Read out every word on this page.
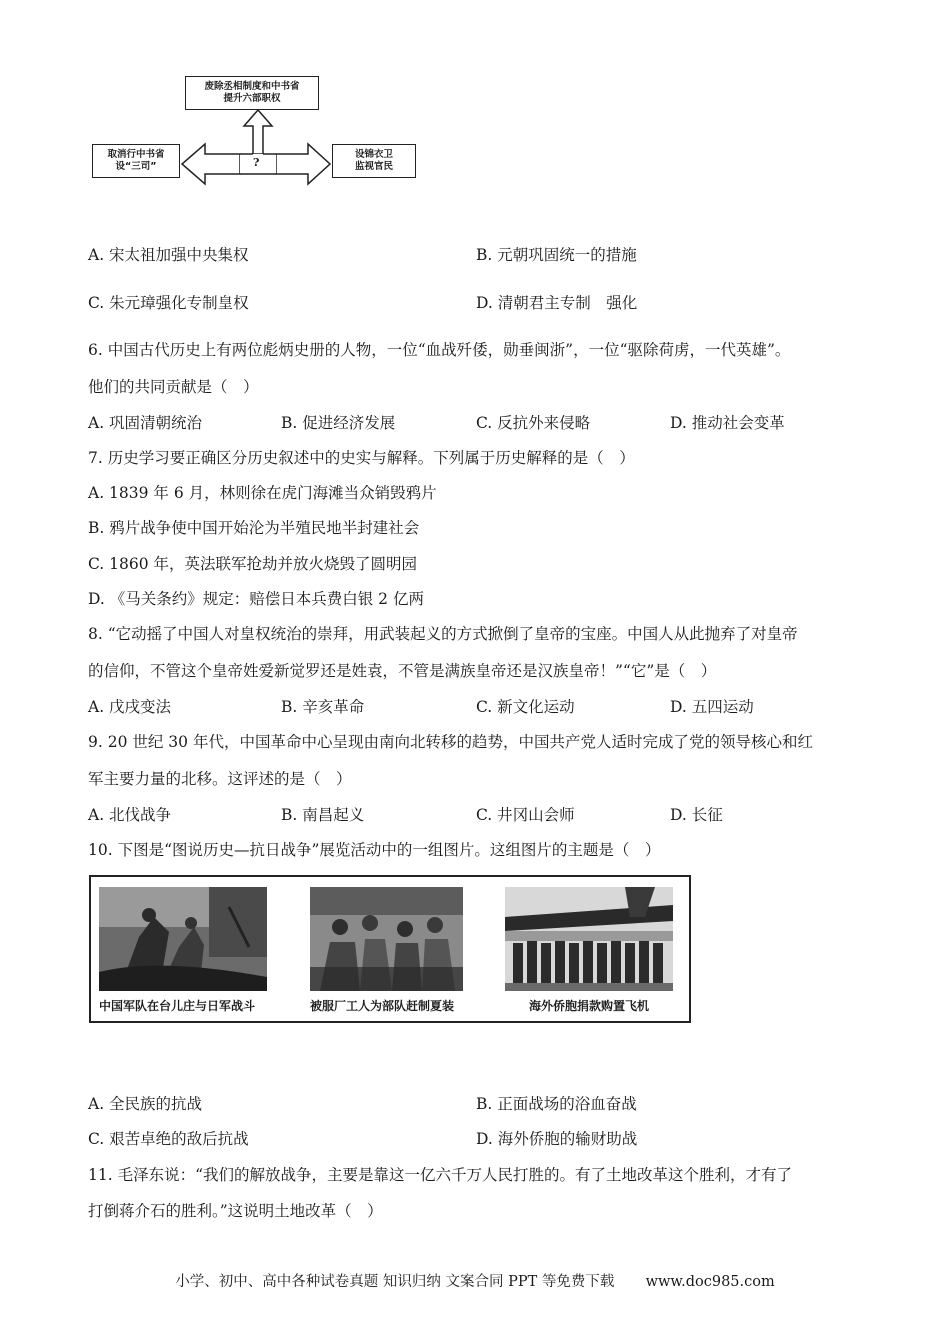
废除丞相制度和中书省
提升六部职权
取消行中书省
设“三司”
设锦衣卫
监视官民
?
A. 宋太祖加强中央集权	B. 元朝巩固统一的措施
C. 朱元璋强化专制皇权	D. 清朝君主专制　强化
6. 中国古代历史上有两位彪炳史册的人物，一位“血战歼倭，勋垂闽浙”，一位“驱除荷虏，一代英雄”。
他们的共同贡献是（　）
A. 巩固清朝统治	B. 促进经济发展	C. 反抗外来侵略	D. 推动社会变革
7. 历史学习要正确区分历史叙述中的史实与解释。下列属于历史解释的是（　）
A. 1839 年 6 月，林则徐在虎门海滩当众销毁鸦片
B. 鸦片战争使中国开始沦为半殖民地半封建社会
C. 1860 年，英法联军抢劫并放火烧毁了圆明园
D. 《马关条约》规定：赔偿日本兵费白银 2 亿两
8. “它动摇了中国人对皇权统治的崇拜，用武装起义的方式掀倒了皇帝的宝座。中国人从此抛弃了对皇帝
的信仰，不管这个皇帝姓爱新觉罗还是姓袁，不管是满族皇帝还是汉族皇帝！”“它”是（　）
A. 戊戌变法	B. 辛亥革命	C. 新文化运动	D. 五四运动
9. 20 世纪 30 年代，中国革命中心呈现由南向北转移的趋势，中国共产党人适时完成了党的领导核心和红
军主要力量的北移。这评述的是（　）
A. 北伐战争	B. 南昌起义	C. 井冈山会师	D. 长征
10. 下图是“图说历史—抗日战争”展览活动中的一组图片。这组图片的主题是（　）
中国军队在台儿庄与日军战斗	被服厂工人为部队赶制夏装	海外侨胞捐款购置飞机
A. 全民族的抗战	B. 正面战场的浴血奋战
C. 艰苦卓绝的敌后抗战	D. 海外侨胞的输财助战
11. 毛泽东说：“我们的解放战争，主要是靠这一亿六千万人民打胜的。有了土地改革这个胜利，才有了
打倒蒋介石的胜利。”这说明土地改革（　）
小学、初中、高中各种试卷真题 知识归纳 文案合同 PPT 等免费下载 www.doc985.com
